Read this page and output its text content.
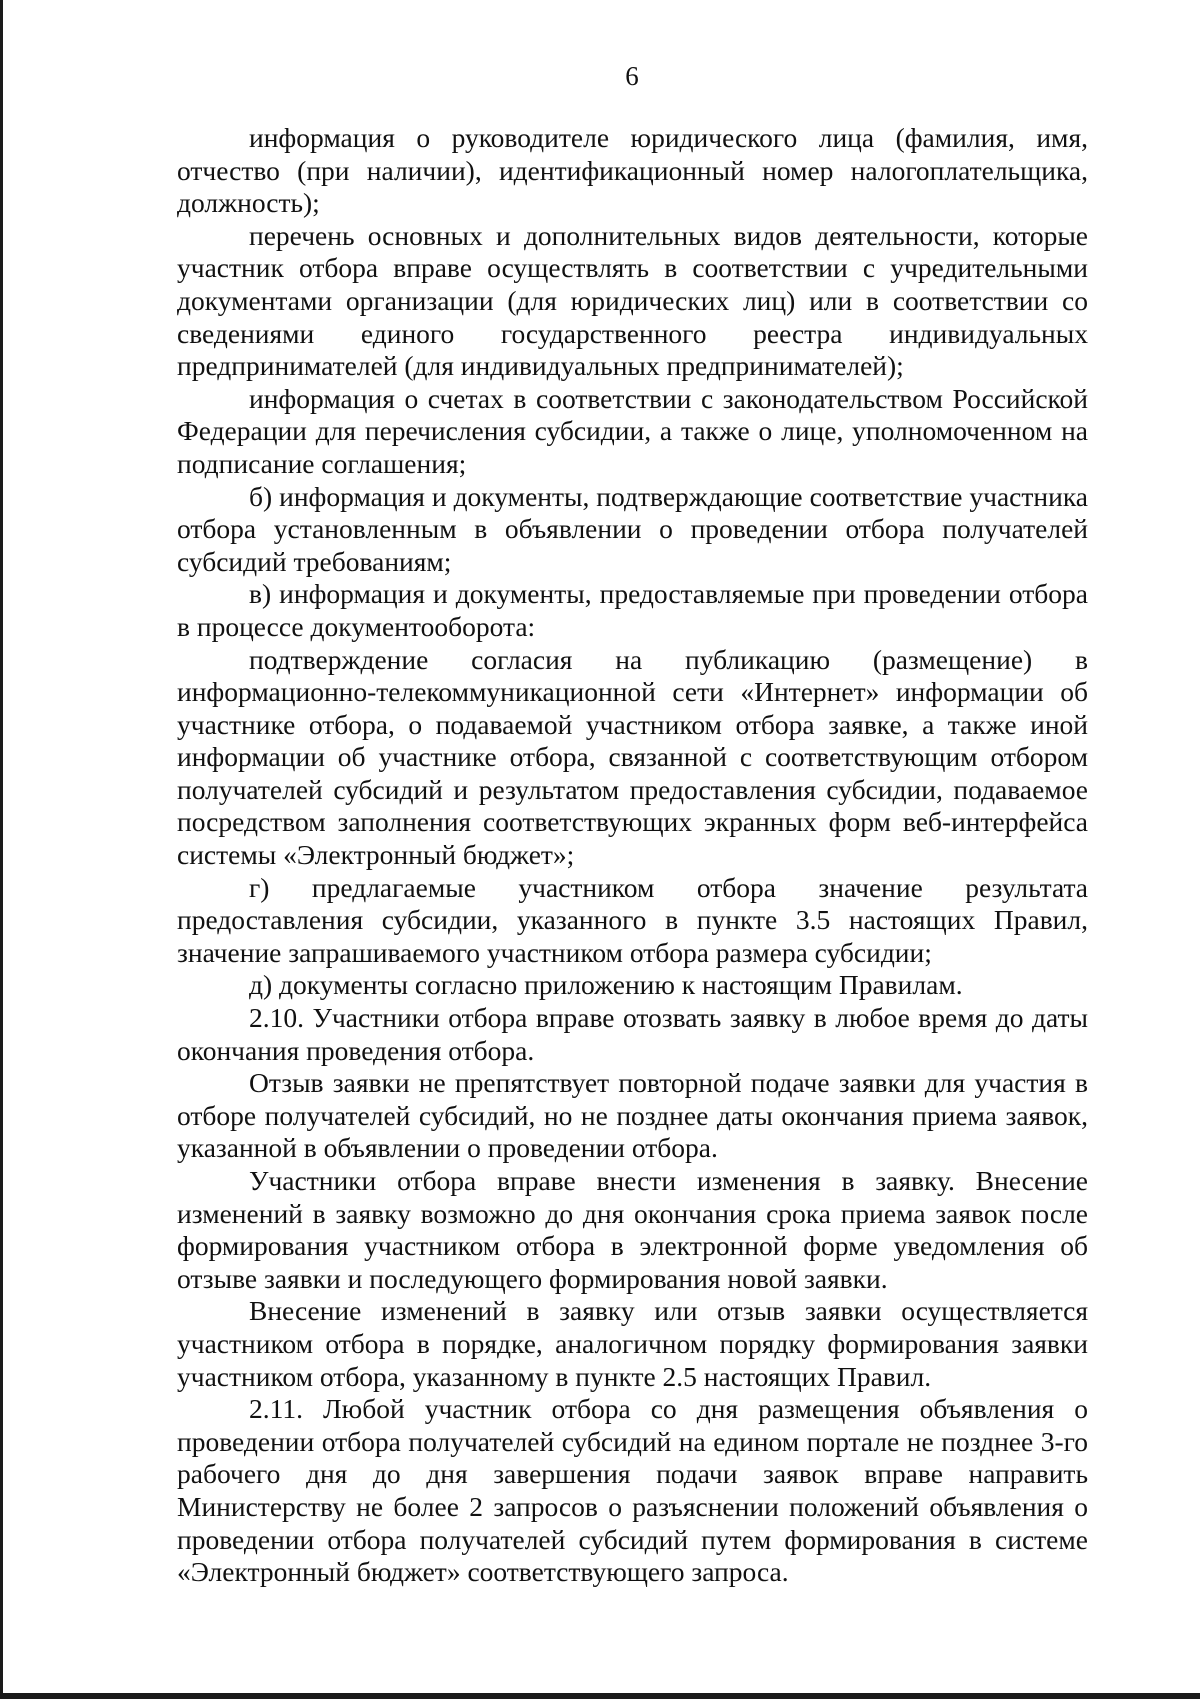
6

информация о руководителе юридического лица (фамилия, имя, отчество (при наличии), идентификационный номер налогоплательщика, должность);

перечень основных и дополнительных видов деятельности, которые участник отбора вправе осуществлять в соответствии с учредительными документами организации (для юридических лиц) или в соответствии со сведениями единого государственного реестра индивидуальных предпринимателей (для индивидуальных предпринимателей);

информация о счетах в соответствии с законодательством Российской Федерации для перечисления субсидии, а также о лице, уполномоченном на подписание соглашения;

б) информация и документы, подтверждающие соответствие участника отбора установленным в объявлении о проведении отбора получателей субсидий требованиям;

в) информация и документы, предоставляемые при проведении отбора в процессе документооборота:

подтверждение согласия на публикацию (размещение) в информационно-телекоммуникационной сети «Интернет» информации об участнике отбора, о подаваемой участником отбора заявке, а также иной информации об участнике отбора, связанной с соответствующим отбором получателей субсидий и результатом предоставления субсидии, подаваемое посредством заполнения соответствующих экранных форм веб-интерфейса системы «Электронный бюджет»;

г) предлагаемые участником отбора значение результата предоставления субсидии, указанного в пункте 3.5 настоящих Правил, значение запрашиваемого участником отбора размера субсидии;

д) документы согласно приложению к настоящим Правилам.

2.10. Участники отбора вправе отозвать заявку в любое время до даты окончания проведения отбора.

Отзыв заявки не препятствует повторной подаче заявки для участия в отборе получателей субсидий, но не позднее даты окончания приема заявок, указанной в объявлении о проведении отбора.

Участники отбора вправе внести изменения в заявку. Внесение изменений в заявку возможно до дня окончания срока приема заявок после формирования участником отбора в электронной форме уведомления об отзыве заявки и последующего формирования новой заявки.

Внесение изменений в заявку или отзыв заявки осуществляется участником отбора в порядке, аналогичном порядку формирования заявки участником отбора, указанному в пункте 2.5 настоящих Правил.

2.11. Любой участник отбора со дня размещения объявления о проведении отбора получателей субсидий на едином портале не позднее 3-го рабочего дня до дня завершения подачи заявок вправе направить Министерству не более 2 запросов о разъяснении положений объявления о проведении отбора получателей субсидий путем формирования в системе «Электронный бюджет» соответствующего запроса.
